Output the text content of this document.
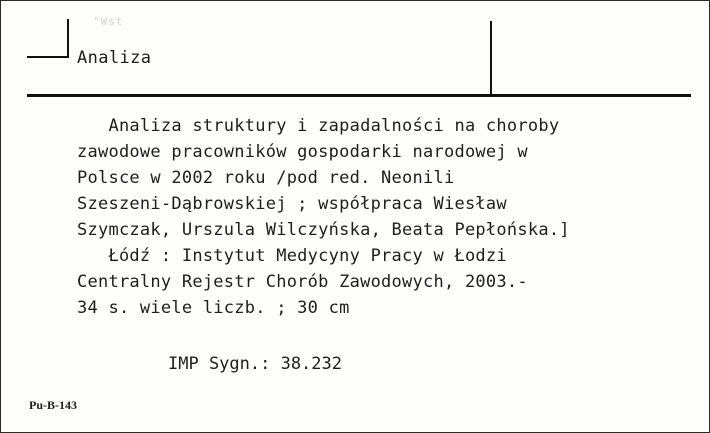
"Wst
Analiza
Analiza struktury i zapadalności na choroby
zawodowe pracowników gospodarki narodowej w
Polsce w 2002 roku /pod red. Neonili
Szeszeni-Dąbrowskiej ; współpraca Wiesław
Szymczak, Urszula Wilczyńska, Beata Pepłońska.]
Łódź : Instytut Medycyny Pracy w Łodzi
Centralny Rejestr Chorób Zawodowych, 2003.-
34 s. wiele liczb. ; 30 cm
IMP Sygn.: 38.232
Pu-B-143
